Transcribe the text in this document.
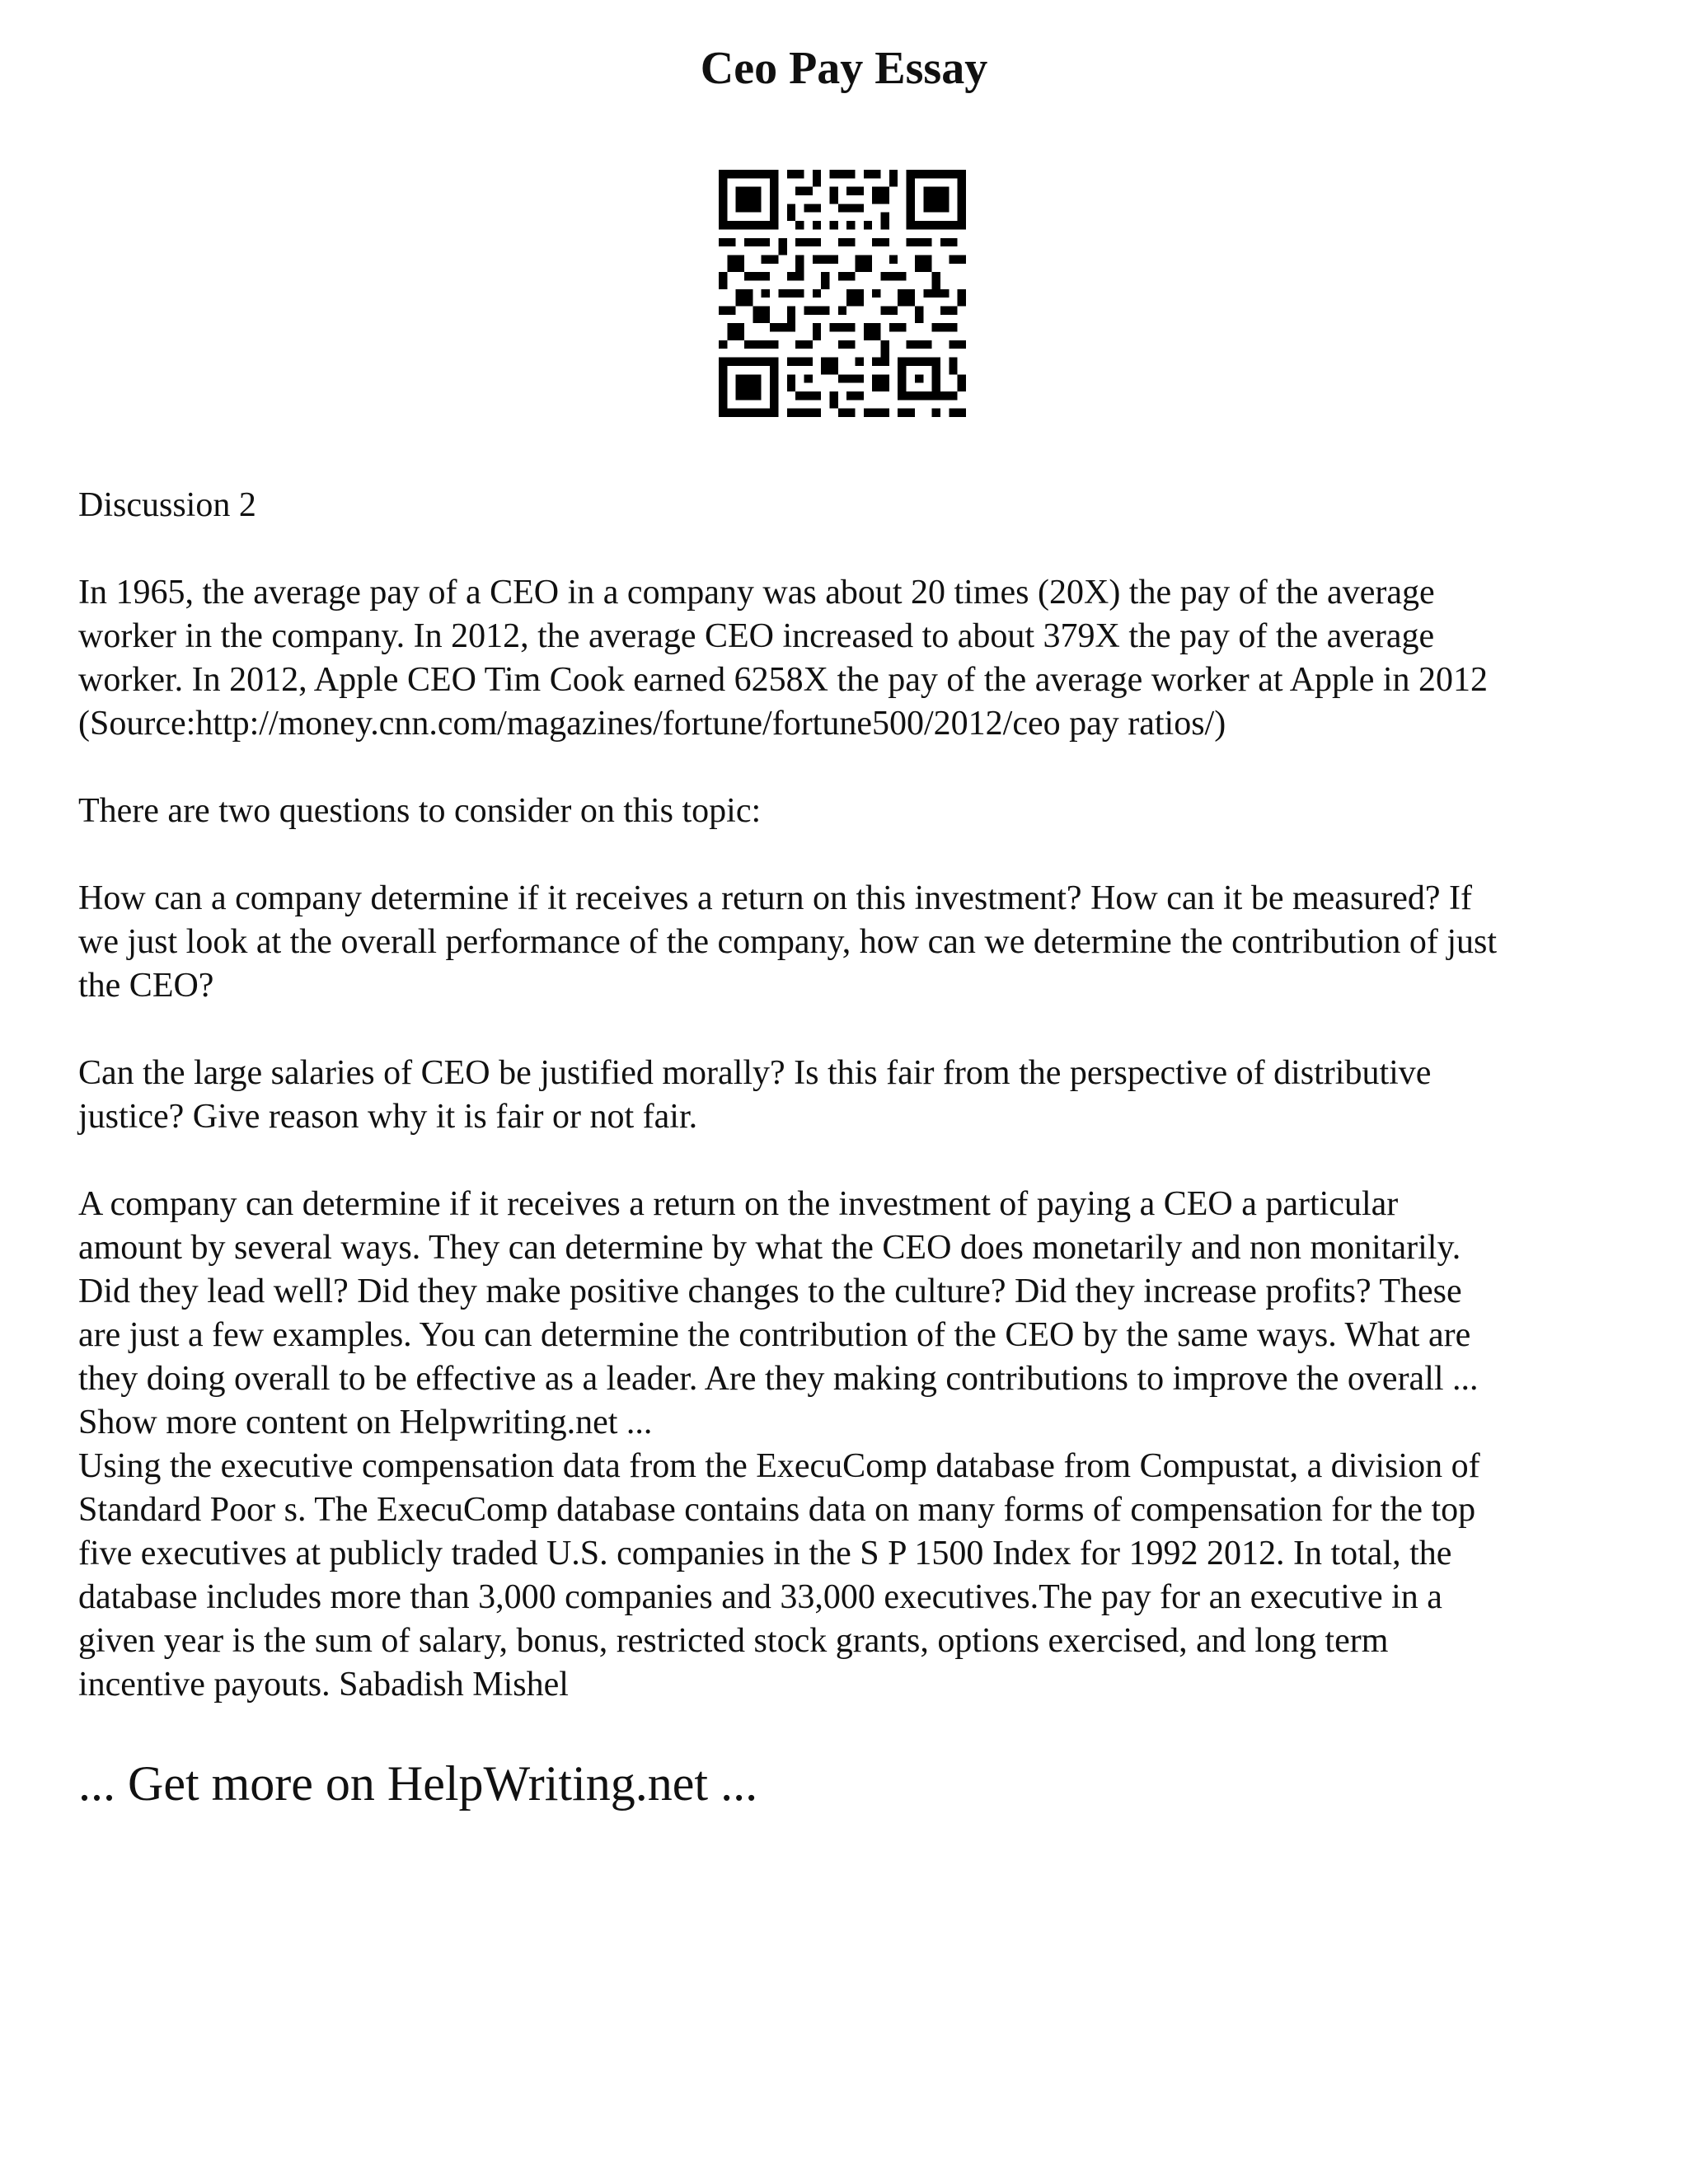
Ceo Pay Essay

Discussion 2

In 1965, the average pay of a CEO in a company was about 20 times (20X) the pay of the average
worker in the company. In 2012, the average CEO increased to about 379X the pay of the average
worker. In 2012, Apple CEO Tim Cook earned 6258X the pay of the average worker at Apple in 2012
(Source:http://money.cnn.com/magazines/fortune/fortune500/2012/ceo pay ratios/)

There are two questions to consider on this topic:

How can a company determine if it receives a return on this investment? How can it be measured? If
we just look at the overall performance of the company, how can we determine the contribution of just
the CEO?

Can the large salaries of CEO be justified morally? Is this fair from the perspective of distributive
justice? Give reason why it is fair or not fair.

A company can determine if it receives a return on the investment of paying a CEO a particular
amount by several ways. They can determine by what the CEO does monetarily and non monitarily.
Did they lead well? Did they make positive changes to the culture? Did they increase profits? These
are just a few examples. You can determine the contribution of the CEO by the same ways. What are
they doing overall to be effective as a leader. Are they making contributions to improve the overall ...

Show more content on Helpwriting.net ...

Using the executive compensation data from the ExecuComp database from Compustat, a division of
Standard Poor s. The ExecuComp database contains data on many forms of compensation for the top
five executives at publicly traded U.S. companies in the S P 1500 Index for 1992 2012. In total, the
database includes more than 3,000 companies and 33,000 executives.The pay for an executive in a
given year is the sum of salary, bonus, restricted stock grants, options exercised, and long term
incentive payouts. Sabadish Mishel

... Get more on HelpWriting.net ...
